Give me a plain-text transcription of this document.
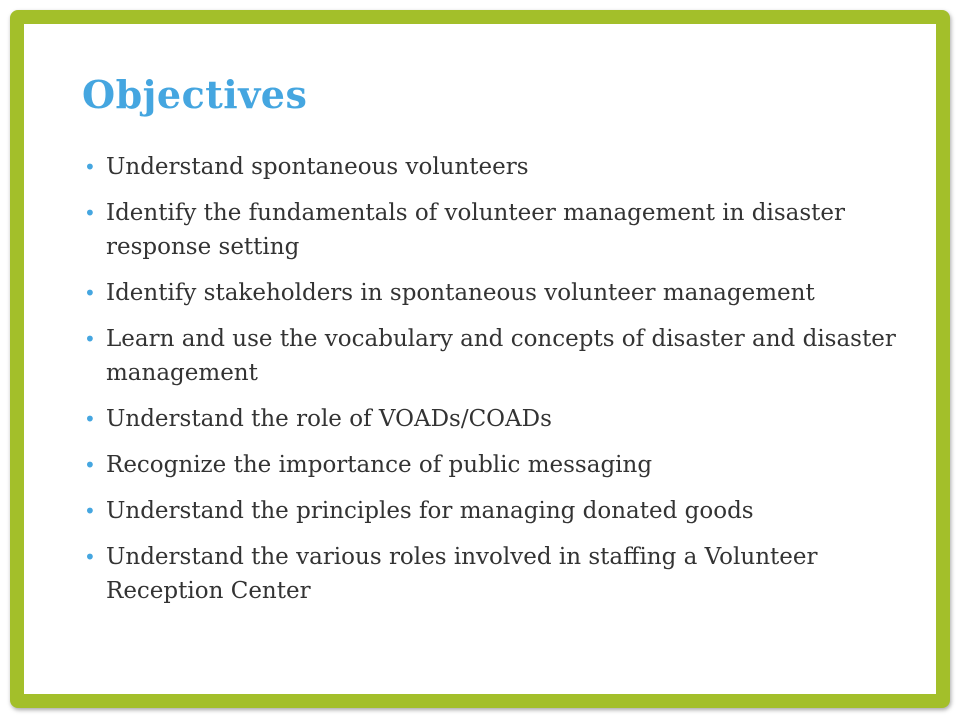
Objectives
• Understand spontaneous volunteers
• Identify the fundamentals of volunteer management in disaster response setting
• Identify stakeholders in spontaneous volunteer management
• Learn and use the vocabulary and concepts of disaster and disaster management
• Understand the role of VOADs/COADs
• Recognize the importance of public messaging
• Understand the principles for managing donated goods
• Understand the various roles involved in staffing a Volunteer Reception Center
